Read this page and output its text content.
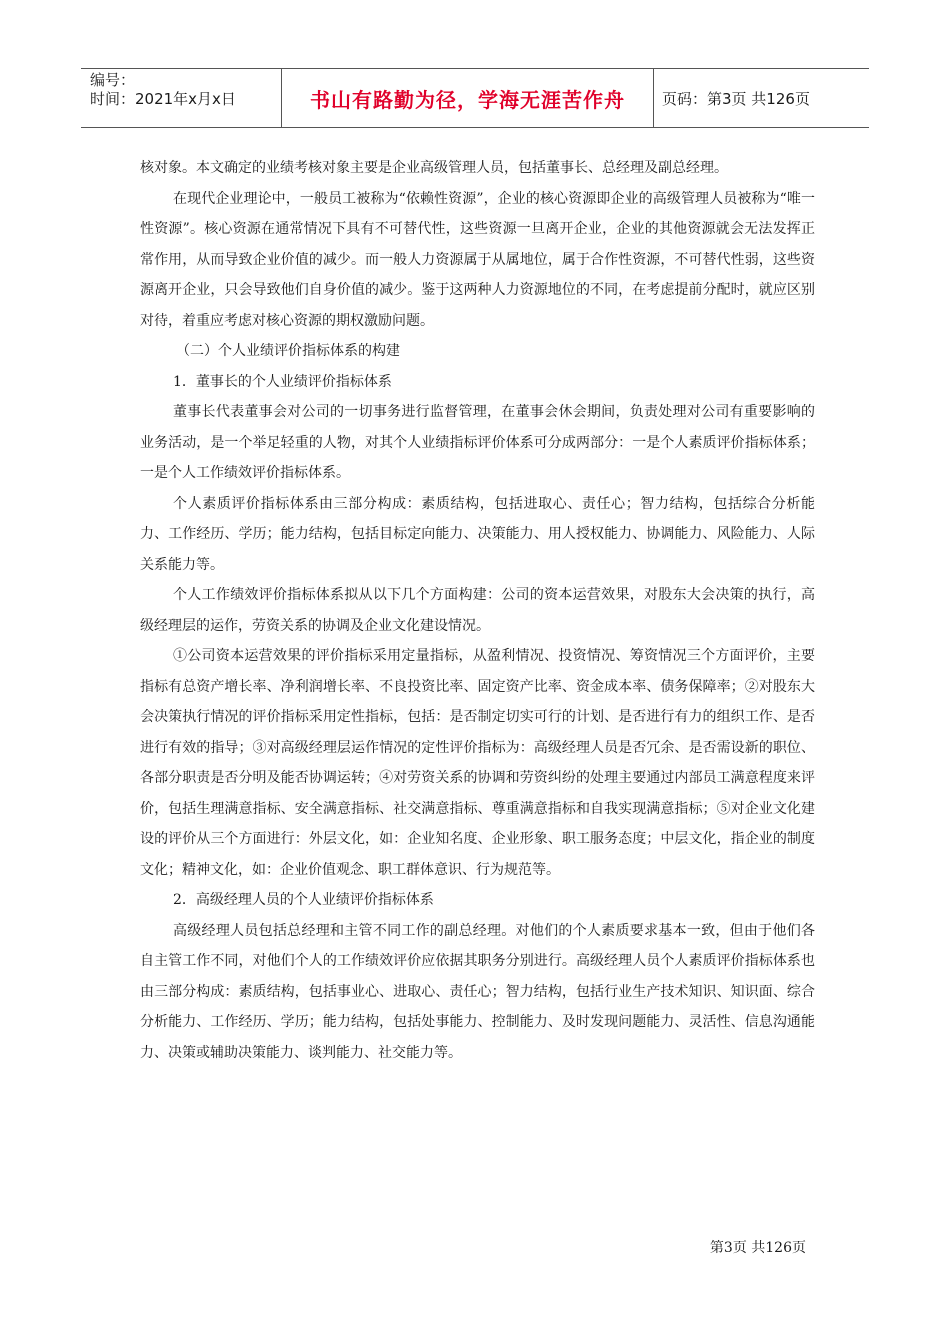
编号：
时间：2021年x月x日	书山有路勤为径，学海无涯苦作舟	页码：第3页 共126页

核对象。本文确定的业绩考核对象主要是企业高级管理人员，包括董事长、总经理及副总经理。

在现代企业理论中，一般员工被称为“依赖性资源”，企业的核心资源即企业的高级管理人员被称为“唯一性资源”。核心资源在通常情况下具有不可替代性，这些资源一旦离开企业，企业的其他资源就会无法发挥正常作用，从而导致企业价值的减少。而一般人力资源属于从属地位，属于合作性资源，不可替代性弱，这些资源离开企业，只会导致他们自身价值的减少。鉴于这两种人力资源地位的不同，在考虑提前分配时，就应区别对待，着重应考虑对核心资源的期权激励问题。

（二）个人业绩评价指标体系的构建

1．董事长的个人业绩评价指标体系

董事长代表董事会对公司的一切事务进行监督管理，在董事会休会期间，负责处理对公司有重要影响的业务活动，是一个举足轻重的人物，对其个人业绩指标评价体系可分成两部分：一是个人素质评价指标体系；一是个人工作绩效评价指标体系。

个人素质评价指标体系由三部分构成：素质结构，包括进取心、责任心；智力结构，包括综合分析能力、工作经历、学历；能力结构，包括目标定向能力、决策能力、用人授权能力、协调能力、风险能力、人际关系能力等。

个人工作绩效评价指标体系拟从以下几个方面构建：公司的资本运营效果，对股东大会决策的执行，高级经理层的运作，劳资关系的协调及企业文化建设情况。

①公司资本运营效果的评价指标采用定量指标，从盈利情况、投资情况、筹资情况三个方面评价，主要指标有总资产增长率、净利润增长率、不良投资比率、固定资产比率、资金成本率、债务保障率；②对股东大会决策执行情况的评价指标采用定性指标，包括：是否制定切实可行的计划、是否进行有力的组织工作、是否进行有效的指导；③对高级经理层运作情况的定性评价指标为：高级经理人员是否冗余、是否需设新的职位、各部分职责是否分明及能否协调运转；④对劳资关系的协调和劳资纠纷的处理主要通过内部员工满意程度来评价，包括生理满意指标、安全满意指标、社交满意指标、尊重满意指标和自我实现满意指标；⑤对企业文化建设的评价从三个方面进行：外层文化，如：企业知名度、企业形象、职工服务态度；中层文化，指企业的制度文化；精神文化，如：企业价值观念、职工群体意识、行为规范等。

2．高级经理人员的个人业绩评价指标体系

高级经理人员包括总经理和主管不同工作的副总经理。对他们的个人素质要求基本一致，但由于他们各自主管工作不同，对他们个人的工作绩效评价应依据其职务分别进行。高级经理人员个人素质评价指标体系也由三部分构成：素质结构，包括事业心、进取心、责任心；智力结构，包括行业生产技术知识、知识面、综合分析能力、工作经历、学历；能力结构，包括处事能力、控制能力、及时发现问题能力、灵活性、信息沟通能力、决策或辅助决策能力、谈判能力、社交能力等。

第3页 共126页
